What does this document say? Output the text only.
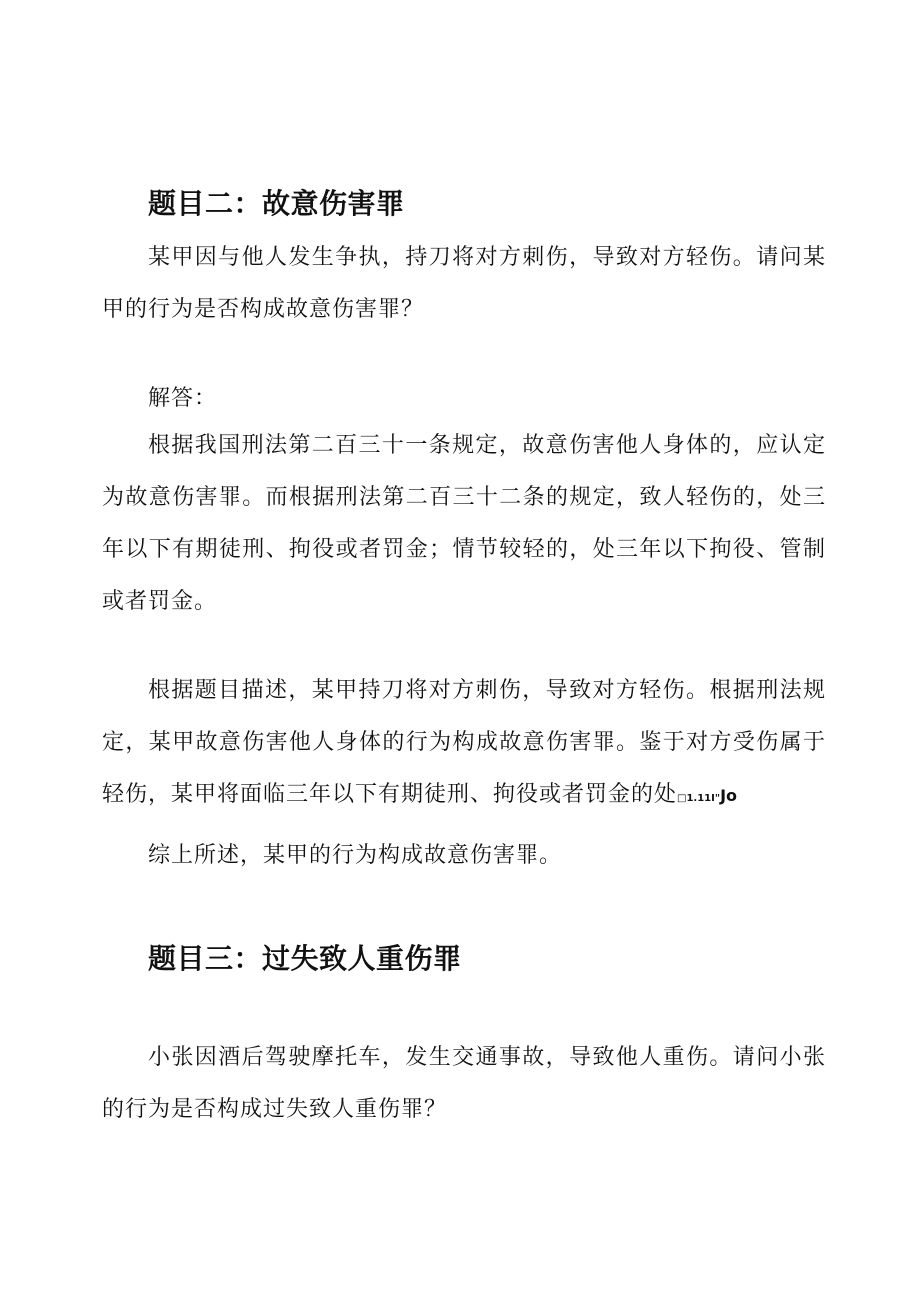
题目二：故意伤害罪

某甲因与他人发生争执，持刀将对方刺伤，导致对方轻伤。请问某甲的行为是否构成故意伤害罪？

解答：

根据我国刑法第二百三十一条规定，故意伤害他人身体的，应认定为故意伤害罪。而根据刑法第二百三十二条的规定，致人轻伤的，处三年以下有期徒刑、拘役或者罚金；情节较轻的，处三年以下拘役、管制或者罚金。

根据题目描述，某甲持刀将对方刺伤，导致对方轻伤。根据刑法规定，某甲故意伤害他人身体的行为构成故意伤害罪。鉴于对方受伤属于轻伤，某甲将面临三年以下有期徒刑、拘役或者罚金的处□1.11I"Jo

综上所述，某甲的行为构成故意伤害罪。

题目三：过失致人重伤罪

小张因酒后驾驶摩托车，发生交通事故，导致他人重伤。请问小张的行为是否构成过失致人重伤罪？
